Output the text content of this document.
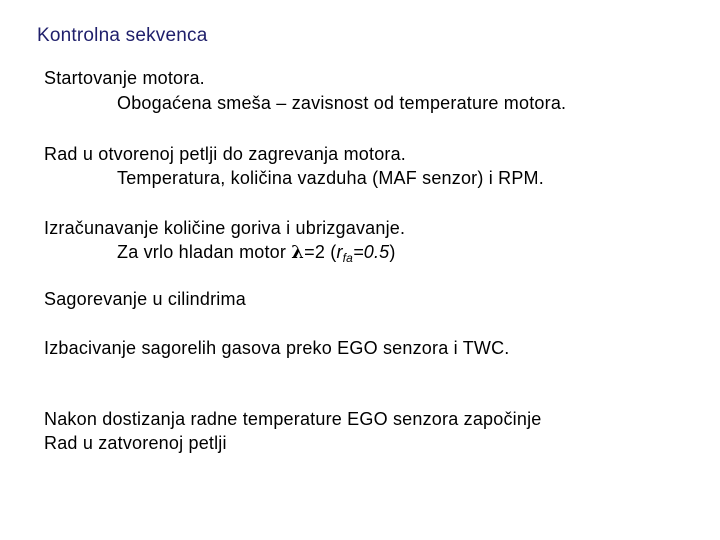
Kontrolna sekvenca
Startovanje motora.
Obogaćena smeša – zavisnost od temperature motora.
Rad u otvorenoj petlji do zagrevanja motora.
Temperatura, količina vazduha (MAF senzor) i RPM.
Izračunavanje količine goriva i ubrizgavanje.
Za vrlo hladan motor λ=2 $(r_{fa}=0.5)$
Sagorevanje u cilindrima
Izbacivanje sagorelih gasova preko EGO senzora i TWC.
Nakon dostizanja radne temperature EGO senzora započinje
Rad u zatvorenoj petlji
